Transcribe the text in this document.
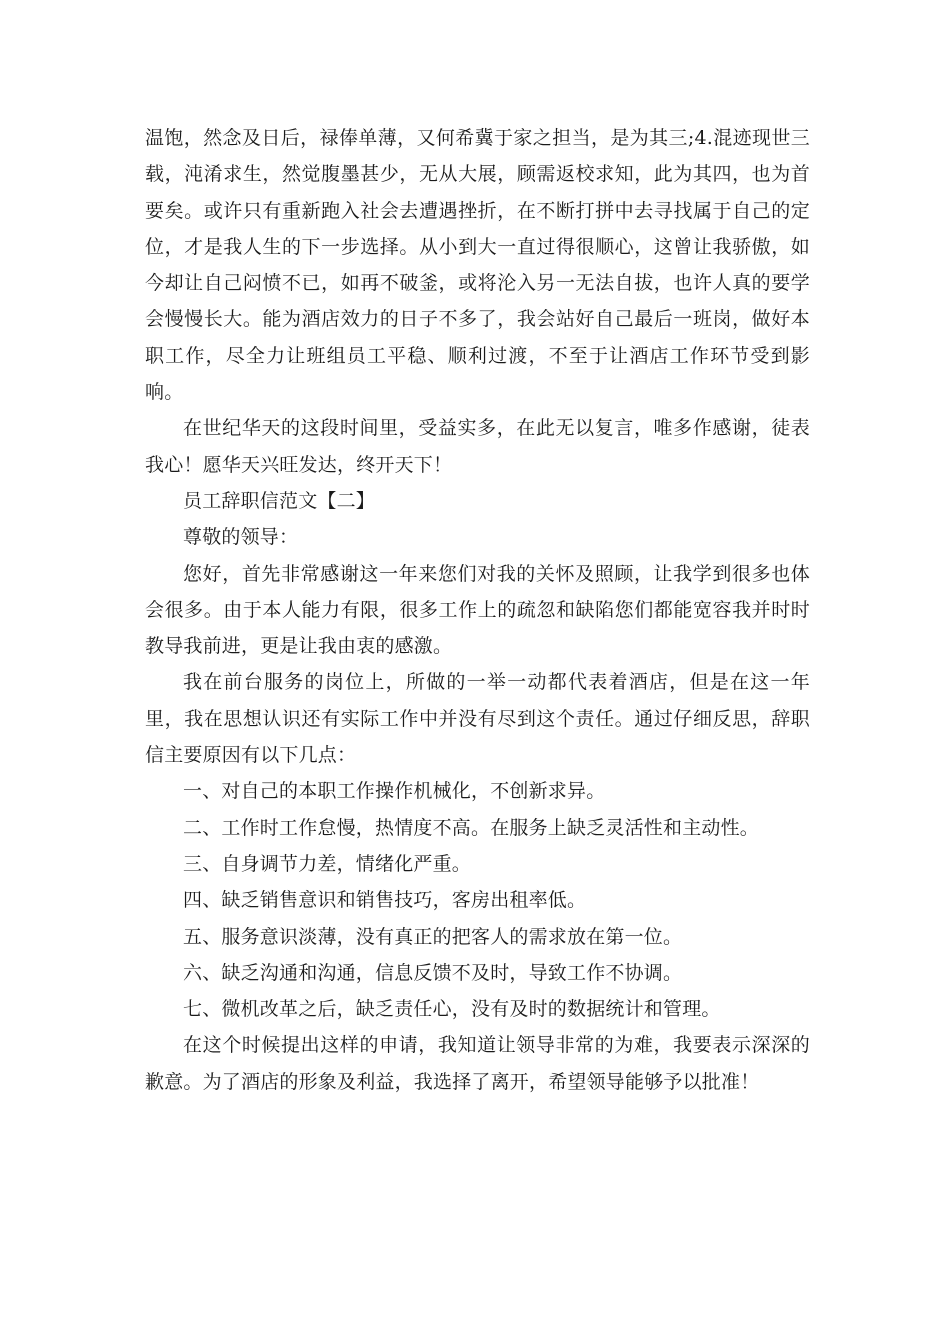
温饱，然念及日后，禄俸单薄，又何希冀于家之担当，是为其三;4.混迹现世三载，沌淆求生，然觉腹墨甚少，无从大展，顾需返校求知，此为其四，也为首要矣。或许只有重新跑入社会去遭遇挫折，在不断打拼中去寻找属于自己的定位，才是我人生的下一步选择。从小到大一直过得很顺心，这曾让我骄傲，如今却让自己闷愤不已，如再不破釜，或将沦入另一无法自拔，也许人真的要学会慢慢长大。能为酒店效力的日子不多了，我会站好自己最后一班岗，做好本职工作，尽全力让班组员工平稳、顺利过渡，不至于让酒店工作环节受到影响。

在世纪华天的这段时间里，受益实多，在此无以复言，唯多作感谢，徒表我心！愿华天兴旺发达，终开天下！

员工辞职信范文【二】

尊敬的领导：

您好，首先非常感谢这一年来您们对我的关怀及照顾，让我学到很多也体会很多。由于本人能力有限，很多工作上的疏忽和缺陷您们都能宽容我并时时教导我前进，更是让我由衷的感激。

我在前台服务的岗位上，所做的一举一动都代表着酒店，但是在这一年里，我在思想认识还有实际工作中并没有尽到这个责任。通过仔细反思，辞职信主要原因有以下几点：

一、对自己的本职工作操作机械化，不创新求异。

二、工作时工作怠慢，热情度不高。在服务上缺乏灵活性和主动性。

三、自身调节力差，情绪化严重。

四、缺乏销售意识和销售技巧，客房出租率低。

五、服务意识淡薄，没有真正的把客人的需求放在第一位。

六、缺乏沟通和沟通，信息反馈不及时，导致工作不协调。

七、微机改革之后，缺乏责任心，没有及时的数据统计和管理。

在这个时候提出这样的申请，我知道让领导非常的为难，我要表示深深的歉意。为了酒店的形象及利益，我选择了离开，希望领导能够予以批准！
